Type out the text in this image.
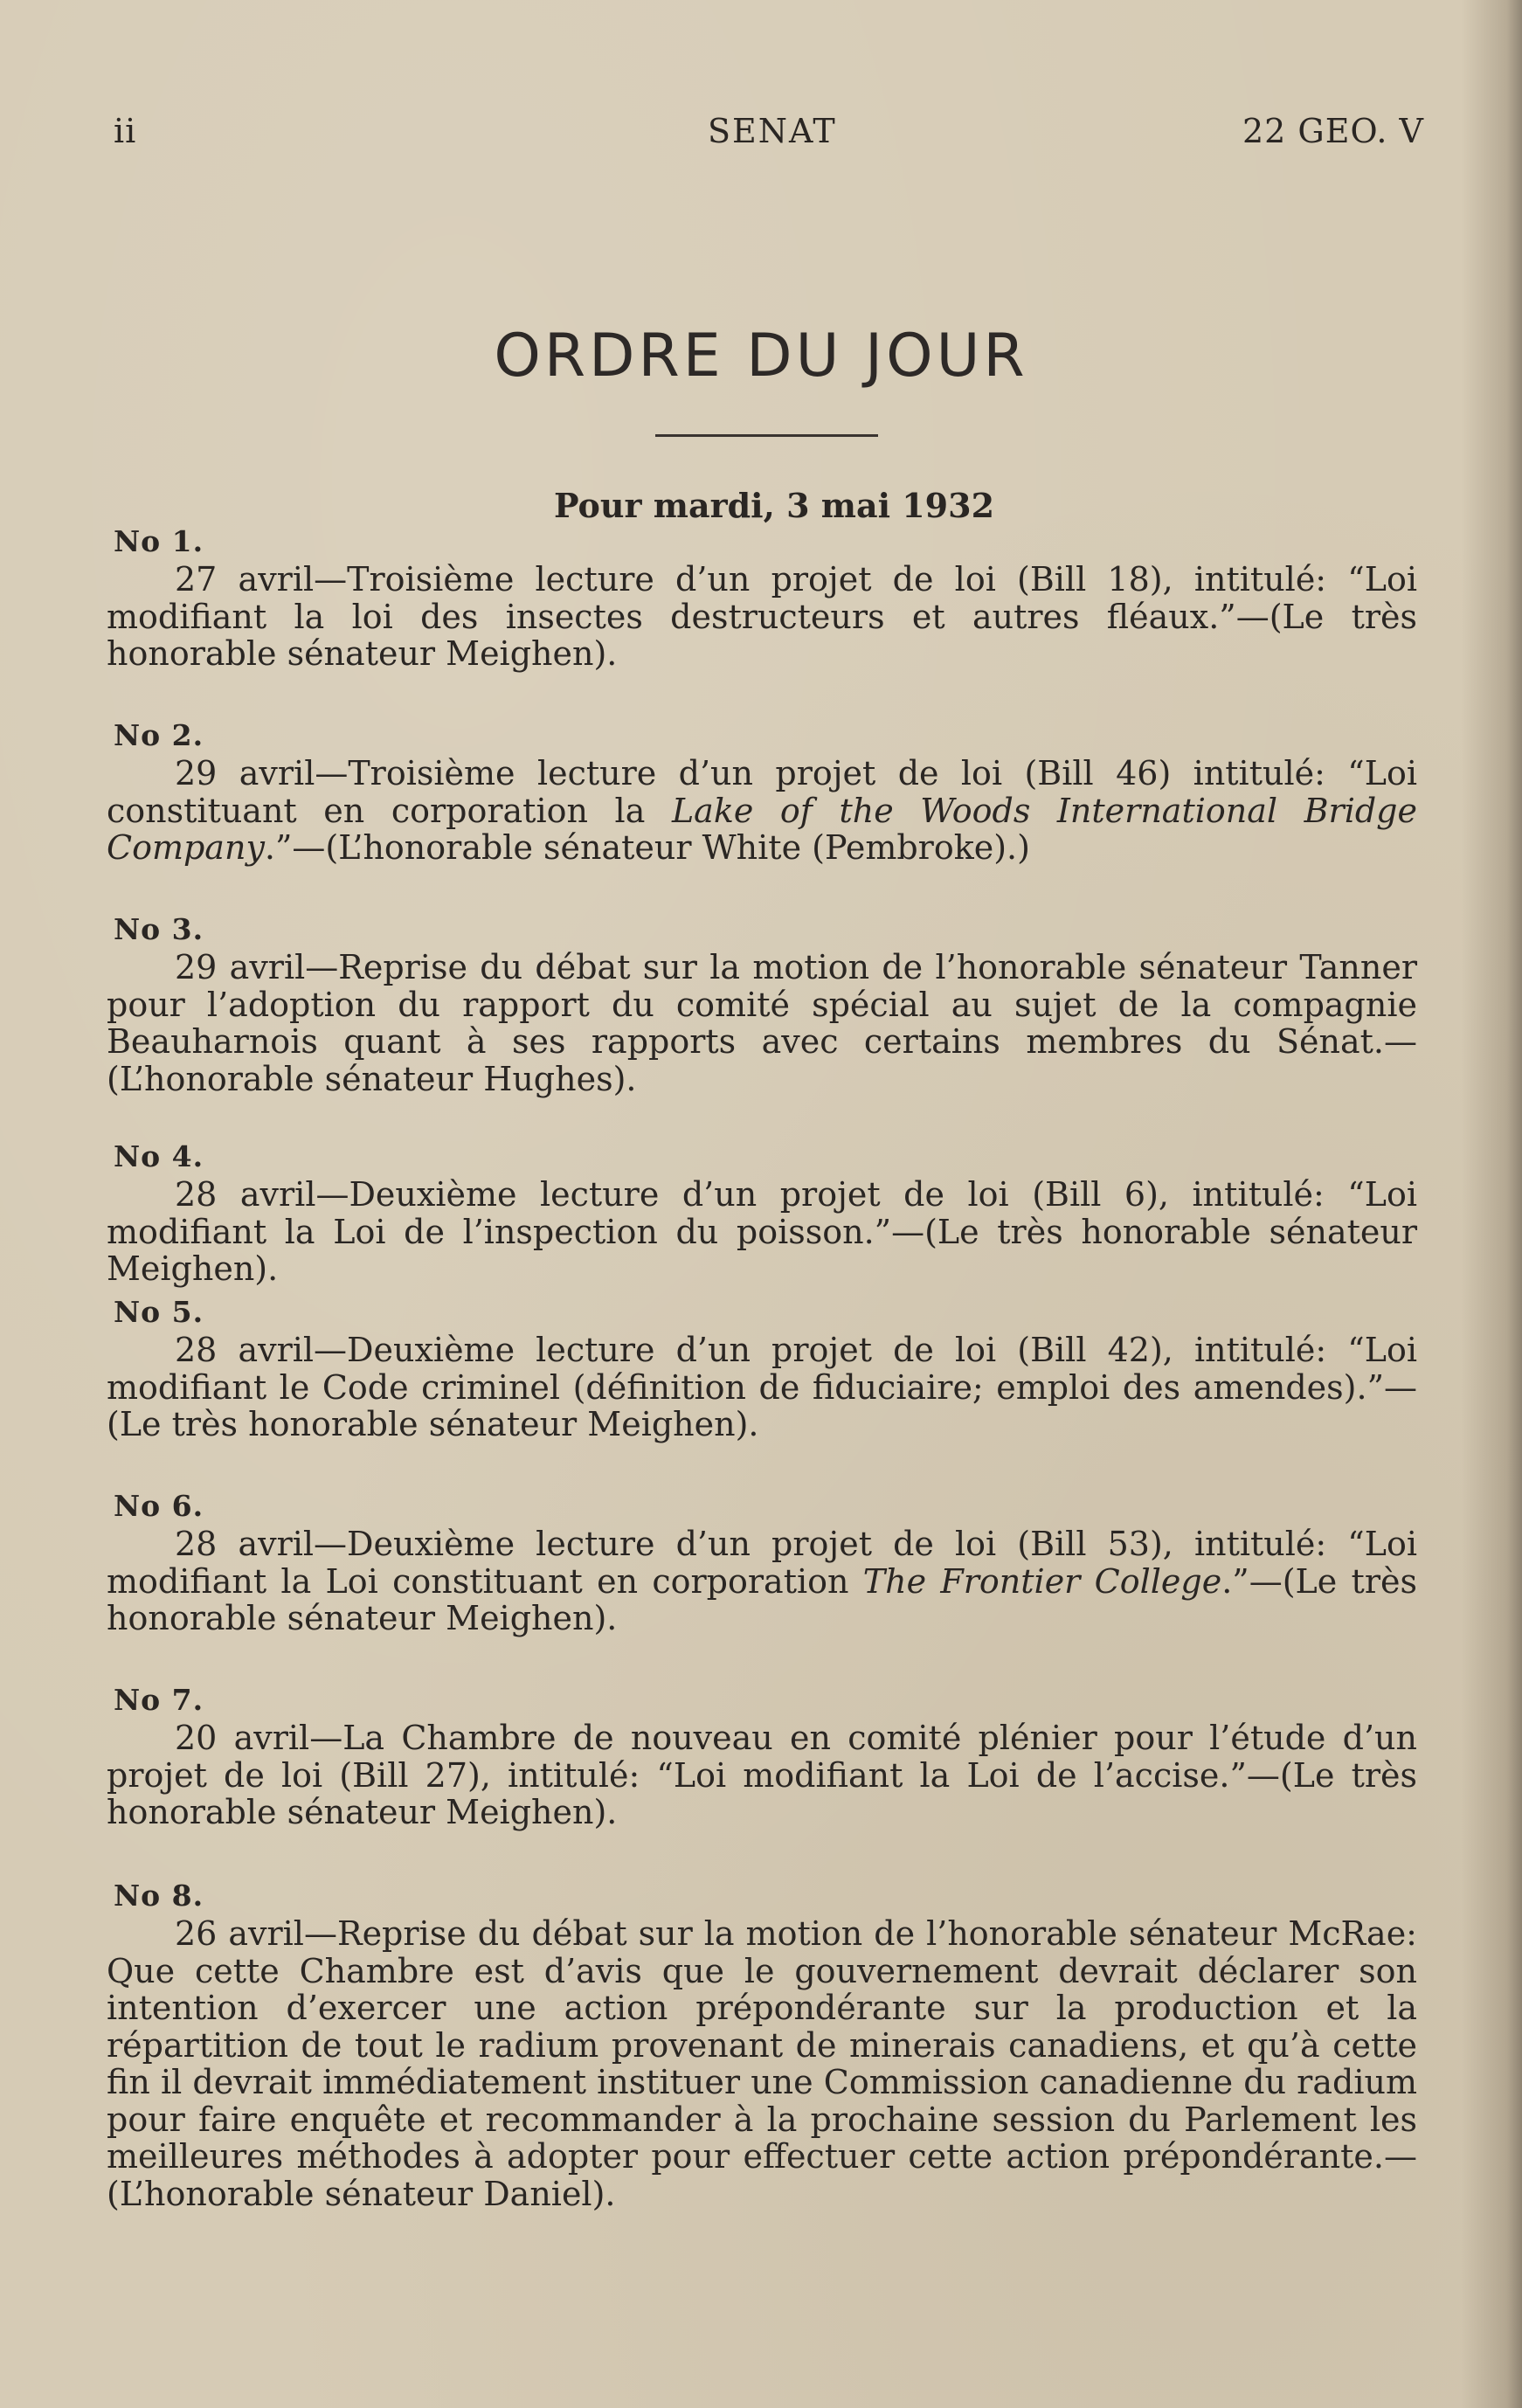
ii	SENAT	22 GEO. V
ORDRE DU JOUR
Pour mardi, 3 mai 1932
No 1.
27 avril—Troisième lecture d’un projet de loi (Bill 18), intitulé: “Loi modifiant la loi des insectes destructeurs et autres fléaux.”—(Le très honorable sénateur Meighen).
No 2.
29 avril—Troisième lecture d’un projet de loi (Bill 46) intitulé: “Loi constituant en corporation la Lake of the Woods International Bridge Company.”—(L’honorable sénateur White (Pembroke).)
No 3.
29 avril—Reprise du débat sur la motion de l’honorable sénateur Tanner pour l’adoption du rapport du comité spécial au sujet de la compagnie Beauharnois quant à ses rapports avec certains membres du Sénat.—(L’honorable sénateur Hughes).
No 4.
28 avril—Deuxième lecture d’un projet de loi (Bill 6), intitulé: “Loi modifiant la Loi de l’inspection du poisson.”—(Le très honorable sénateur Meighen).
No 5.
28 avril—Deuxième lecture d’un projet de loi (Bill 42), intitulé: “Loi modifiant le Code criminel (définition de fiduciaire; emploi des amendes).”—(Le très honorable sénateur Meighen).
No 6.
28 avril—Deuxième lecture d’un projet de loi (Bill 53), intitulé: “Loi modifiant la Loi constituant en corporation The Frontier College.”—(Le très honorable sénateur Meighen).
No 7.
20 avril—La Chambre de nouveau en comité plénier pour l’étude d’un projet de loi (Bill 27), intitulé: “Loi modifiant la Loi de l’accise.”—(Le très honorable sénateur Meighen).
No 8.
26 avril—Reprise du débat sur la motion de l’honorable sénateur McRae: Que cette Chambre est d’avis que le gouvernement devrait déclarer son intention d’exercer une action prépondérante sur la production et la répartition de tout le radium provenant de minerais canadiens, et qu’à cette fin il devrait immédiatement instituer une Commission canadienne du radium pour faire enquête et recommander à la prochaine session du Parlement les meilleures méthodes à adopter pour effectuer cette action prépondérante.—(L’honorable sénateur Daniel).
